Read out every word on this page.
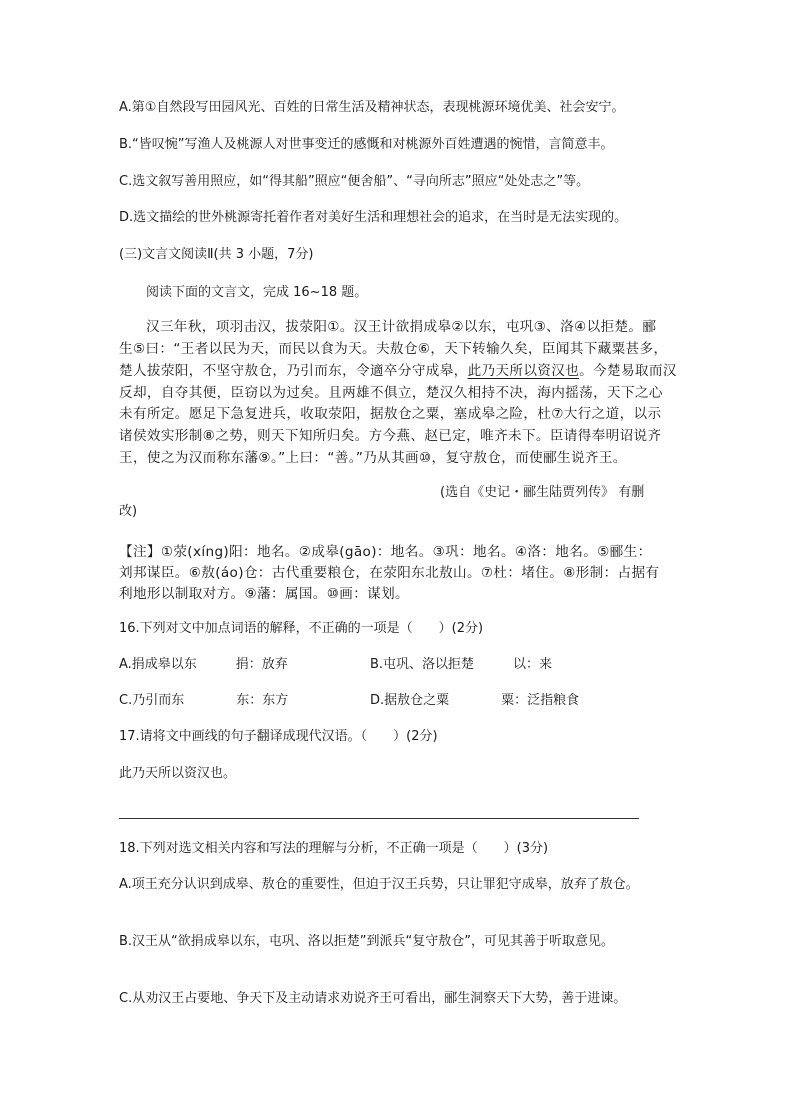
A.第①自然段写田园风光、百姓的日常生活及精神状态，表现桃源环境优美、社会安宁。
B.“皆叹惋”写渔人及桃源人对世事变迁的感慨和对桃源外百姓遭遇的惋惜，言简意丰。
C.选文叙写善用照应，如“得其船”照应“便舍船”、“寻向所志”照应“处处志之”等。
D.选文描绘的世外桃源寄托着作者对美好生活和理想社会的追求，在当时是无法实现的。
(三)文言文阅读Ⅱ(共 3 小题，7分)
阅读下面的文言文，完成 16~18 题。
汉三年秋，项羽击汉，拔荥阳①。汉王计欲捐成皋②以东，屯巩③、洛④以拒楚。郦
生⑤曰：“王者以民为天，而民以食为天。夫敖仓⑥，天下转输久矣，臣闻其下藏粟甚多，
楚人拔荥阳，不坚守敖仓，乃引而东，令適卒分守成皋，此乃天所以资汉也。今楚易取而汉
反却，自夺其便，臣窃以为过矣。且两雄不俱立，楚汉久相持不决，海内摇荡，天下之心
未有所定。愿足下急复进兵，收取荥阳，据敖仓之粟，塞成皋之险，杜⑦大行之道，以示
诸侯效实形制⑧之势，则天下知所归矣。方今燕、赵已定，唯齐未下。臣请得奉明诏说齐
王，使之为汉而称东藩⑨。”上曰：“善。”乃从其画⑩，复守敖仓，而使郦生说齐王。
(选自《史记・郦生陆贾列传》 有删
改)
【注】①荥(xíng)阳：地名。②成皋(gāo)：地名。③巩：地名。④洛：地名。⑤郦生：
刘邦谋臣。⑥敖(áo)仓：古代重要粮仓，在荥阳东北敖山。⑦杜：堵住。⑧形制：占据有
利地形以制取对方。⑨藩：属国。⑩画：谋划。
16.下列对文中加点词语的解释，不正确的一项是（　　）(2分)
A.捐成皋以东　　　捐：放弃	B.屯巩、洛以拒楚　　　以：来
C.乃引而东　　　　东：东方	D.据敖仓之粟　　　　粟：泛指粮食
17.请将文中画线的句子翻译成现代汉语。（　　）(2分)
此乃天所以资汉也。
18.下列对选文相关内容和写法的理解与分析，不正确一项是（　　）(3分)
A.项王充分认识到成皋、敖仓的重要性，但迫于汉王兵势，只让罪犯守成皋，放弃了敖仓。
B.汉王从“欲捐成皋以东，屯巩、洛以拒楚”到派兵“复守敖仓”，可见其善于听取意见。
C.从劝汉王占要地、争天下及主动请求劝说齐王可看出，郦生洞察天下大势，善于进谏。
